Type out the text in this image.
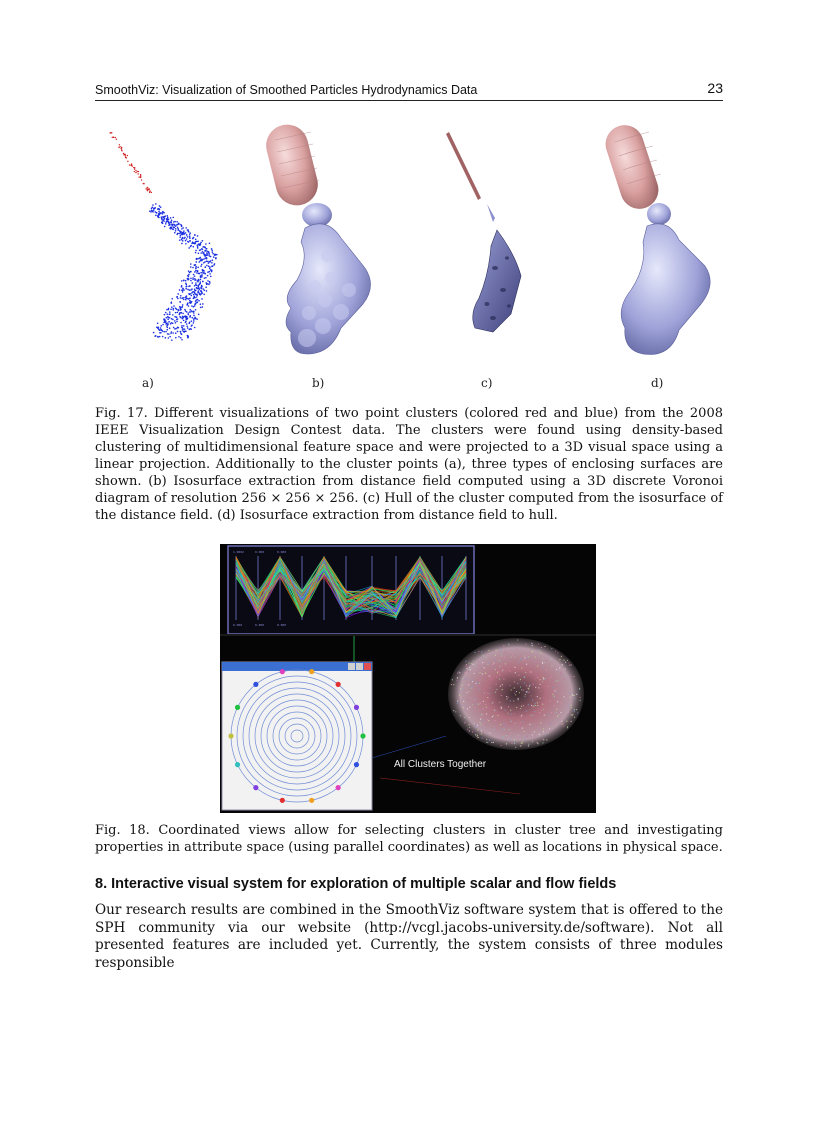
SmoothViz: Visualization of Smoothed Particles Hydrodynamics Data	23
a)	b)	c)	d)

Fig. 17. Different visualizations of two point clusters (colored red and blue) from the 2008 IEEE Visualization Design Contest data. The clusters were found using density-based clustering of multidimensional feature space and were projected to a 3D visual space using a linear projection. Additionally to the cluster points (a), three types of enclosing surfaces are shown. (b) Isosurface extraction from distance field computed using a 3D discrete Voronoi diagram of resolution 256 × 256 × 256. (c) Hull of the cluster computed from the isosurface of the distance field. (d) Isosurface extraction from distance field to hull.

1.0002	0.000	0.000
0.000	0.000	0.000
All Clusters Together

Fig. 18. Coordinated views allow for selecting clusters in cluster tree and investigating properties in attribute space (using parallel coordinates) as well as locations in physical space.

8. Interactive visual system for exploration of multiple scalar and flow fields

Our research results are combined in the SmoothViz software system that is offered to the SPH community via our website (http://vcgl.jacobs-university.de/software). Not all presented features are included yet. Currently, the system consists of three modules responsible
